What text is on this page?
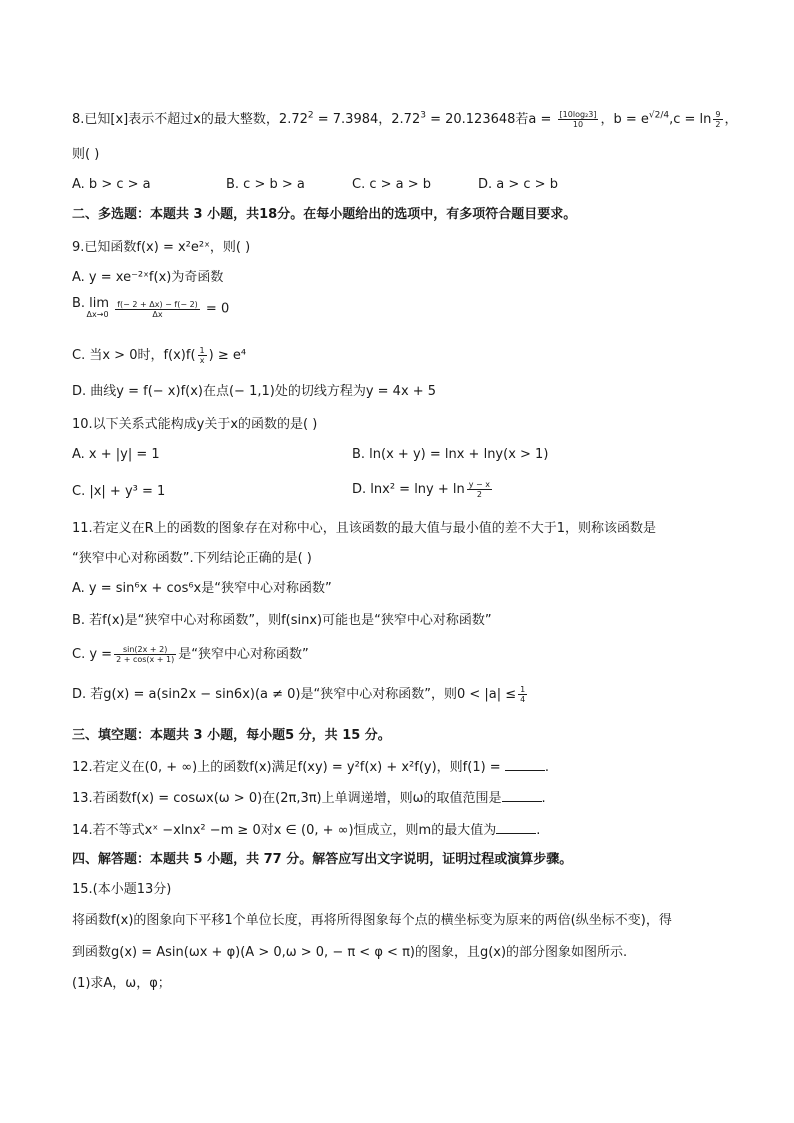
8.已知[x]表示不超过x的最大整数，$2.72^2 = 7.3984$，$2.72^3 = 20.123648$若$a = \frac{\text{[10log₂3]}}{10}$ ，$b = e^{√2/4},c = \ln \frac{9}{2}$ ，
则( )
A. b > c > a	B. c > b > a	C. c > a > b	D. a > c > b
二、多选题：本题共 3 小题，共18分。在每小题给出的选项中，有多项符合题目要求。
9.已知函数f(x) = x²e²ˣ，则( )
A. y = xe⁻²ˣf(x)为奇函数
B. lim
Δx→0
$\frac{f(- 2 + \Delta x) - f(- 2)}{\Delta x} = 0$
C. 当x > 0时，$f(x)f( \frac{1}{x}$ ) ≥ e⁴
D. 曲线y = f(− x)f(x)在点(− 1,1)处的切线方程为y = 4x + 5
10.以下关系式能构成y关于x的函数的是( )
A. x + |y| = 1	B. ln(x + y) = lnx + lny(x > 1)
C. |x| + y³ = 1	D. $\ln x^2 = \ln y + \ln \frac{y - x}{2}$
11.若定义在R上的函数的图象存在对称中心，且该函数的最大值与最小值的差不大于1，则称该函数是
“狭窄中心对称函数”.下列结论正确的是( )
A. y = sin⁶x + cos⁶x是“狭窄中心对称函数”
B. 若f(x)是“狭窄中心对称函数”，则f(sinx)可能也是“狭窄中心对称函数”
C. $y = \frac{\sin(2x + 2)}{2 + \cos(x + 1)}$ 是“狭窄中心对称函数”
D. 若g(x) = a(sin2x − sin6x)(a ≠ 0)是“狭窄中心对称函数”，则$0 < |a| \le \frac{1}{4}$
三、填空题：本题共 3 小题，每小题5 分，共 15 分。
12.若定义在(0, + ∞)上的函数f(x)满足f(xy) = y²f(x) + x²f(y)，则f(1) =	.
13.若函数f(x) = cosωx(ω > 0)在(2π,3π)上单调递增，则ω的取值范围是	.
14.若不等式xˣ −xlnx² −m ≥ 0对x ∈ (0, + ∞)恒成立，则m的最大值为	.
四、解答题：本题共 5 小题，共 77 分。解答应写出文字说明，证明过程或演算步骤。
15.(本小题13分)
将函数f(x)的图象向下平移1个单位长度，再将所得图象每个点的横坐标变为原来的两倍(纵坐标不变)，得
到函数g(x) = Asin(ωx + φ)(A > 0,ω > 0, − π < φ < π)的图象，且g(x)的部分图象如图所示.
(1)求A，ω，φ；
